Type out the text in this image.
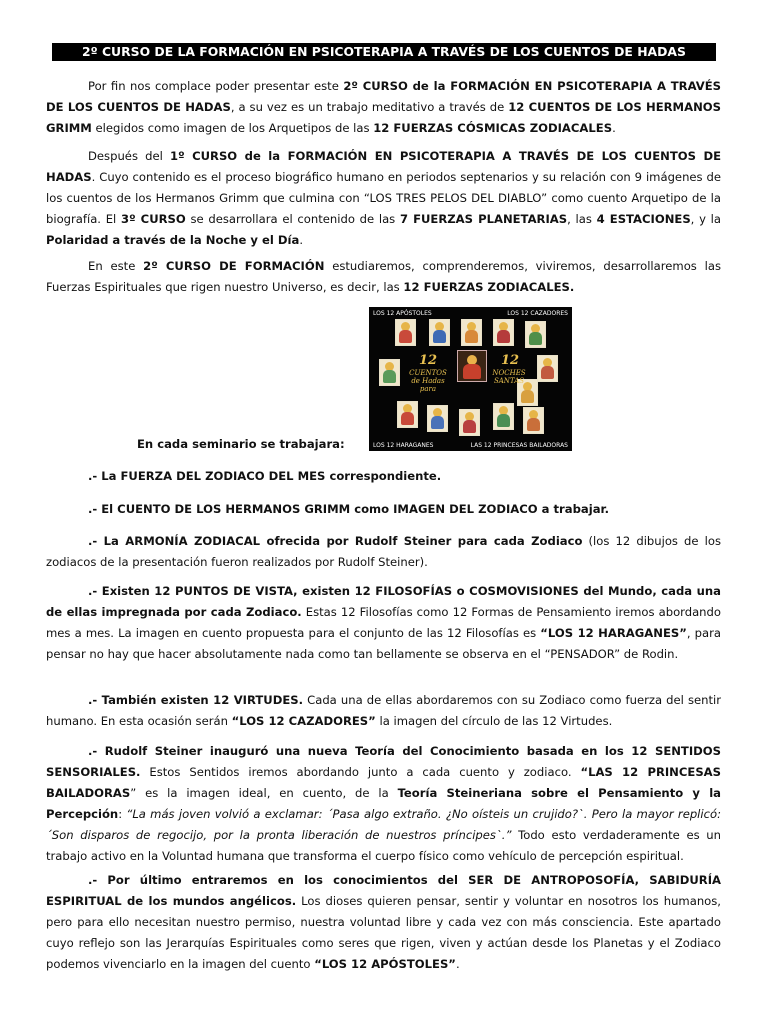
2º CURSO DE LA FORMACIÓN EN PSICOTERAPIA A TRAVÉS DE LOS CUENTOS DE HADAS

Por fin nos complace poder presentar este 2º CURSO de la FORMACIÓN EN PSICOTERAPIA A TRAVÉS DE LOS CUENTOS DE HADAS, a su vez es un trabajo meditativo a través de 12 CUENTOS DE LOS HERMANOS GRIMM elegidos como imagen de los Arquetipos de las 12 FUERZAS CÓSMICAS ZODIACALES.

Después del 1º CURSO de la FORMACIÓN EN PSICOTERAPIA A TRAVÉS DE LOS CUENTOS DE HADAS. Cuyo contenido es el proceso biográfico humano en periodos septenarios y su relación con 9 imágenes de los cuentos de los Hermanos Grimm que culmina con “LOS TRES PELOS DEL DIABLO” como cuento Arquetipo de la biografía. El 3º CURSO se desarrollara el contenido de las 7 FUERZAS PLANETARIAS, las 4 ESTACIONES, y la Polaridad a través de la Noche y el Día.

En este 2º CURSO DE FORMACIÓN estudiaremos, comprenderemos, viviremos, desarrollaremos las Fuerzas Espirituales que rigen nuestro Universo, es decir, las 12 FUERZAS ZODIACALES.

LOS 12 APÓSTOLES	LOS 12 CAZADORES
LOS 12 HARAGANES	LAS 12 PRINCESAS BAILADORAS
12
CUENTOS de Hadas para
12
NOCHES SANTAS

En cada seminario se trabajara:

.- La FUERZA DEL ZODIACO DEL MES correspondiente.

.- El CUENTO DE LOS HERMANOS GRIMM como IMAGEN DEL ZODIACO a trabajar.

.- La ARMONÍA ZODIACAL ofrecida por Rudolf Steiner para cada Zodiaco (los 12 dibujos de los zodiacos de la presentación fueron realizados por Rudolf Steiner).

.- Existen 12 PUNTOS DE VISTA, existen 12 FILOSOFÍAS o COSMOVISIONES del Mundo, cada una de ellas impregnada por cada Zodiaco. Estas 12 Filosofías como 12 Formas de Pensamiento iremos abordando mes a mes. La imagen en cuento propuesta para el conjunto de las 12 Filosofías es “LOS 12 HARAGANES”, para pensar no hay que hacer absolutamente nada como tan bellamente se observa en el “PENSADOR” de Rodin.

.- También existen 12 VIRTUDES. Cada una de ellas abordaremos con su Zodiaco como fuerza del sentir humano. En esta ocasión serán “LOS 12 CAZADORES” la imagen del círculo de las 12 Virtudes.

.- Rudolf Steiner inauguró una nueva Teoría del Conocimiento basada en los 12 SENTIDOS SENSORIALES. Estos Sentidos iremos abordando junto a cada cuento y zodiaco. “LAS 12 PRINCESAS BAILADORAS” es la imagen ideal, en cuento, de la Teoría Steineriana sobre el Pensamiento y la Percepción: “La más joven volvió a exclamar: ´Pasa algo extraño. ¿No oísteis un crujido?`. Pero la mayor replicó: ´Son disparos de regocijo, por la pronta liberación de nuestros príncipes`.” Todo esto verdaderamente es un trabajo activo en la Voluntad humana que transforma el cuerpo físico como vehículo de percepción espiritual.

.- Por último entraremos en los conocimientos del SER DE ANTROPOSOFÍA, SABIDURÍA ESPIRITUAL de los mundos angélicos. Los dioses quieren pensar, sentir y voluntar en nosotros los humanos, pero para ello necesitan nuestro permiso, nuestra voluntad libre y cada vez con más consciencia. Este apartado cuyo reflejo son las Jerarquías Espirituales como seres que rigen, viven y actúan desde los Planetas y el Zodiaco podemos vivenciarlo en la imagen del cuento “LOS 12 APÓSTOLES”.
